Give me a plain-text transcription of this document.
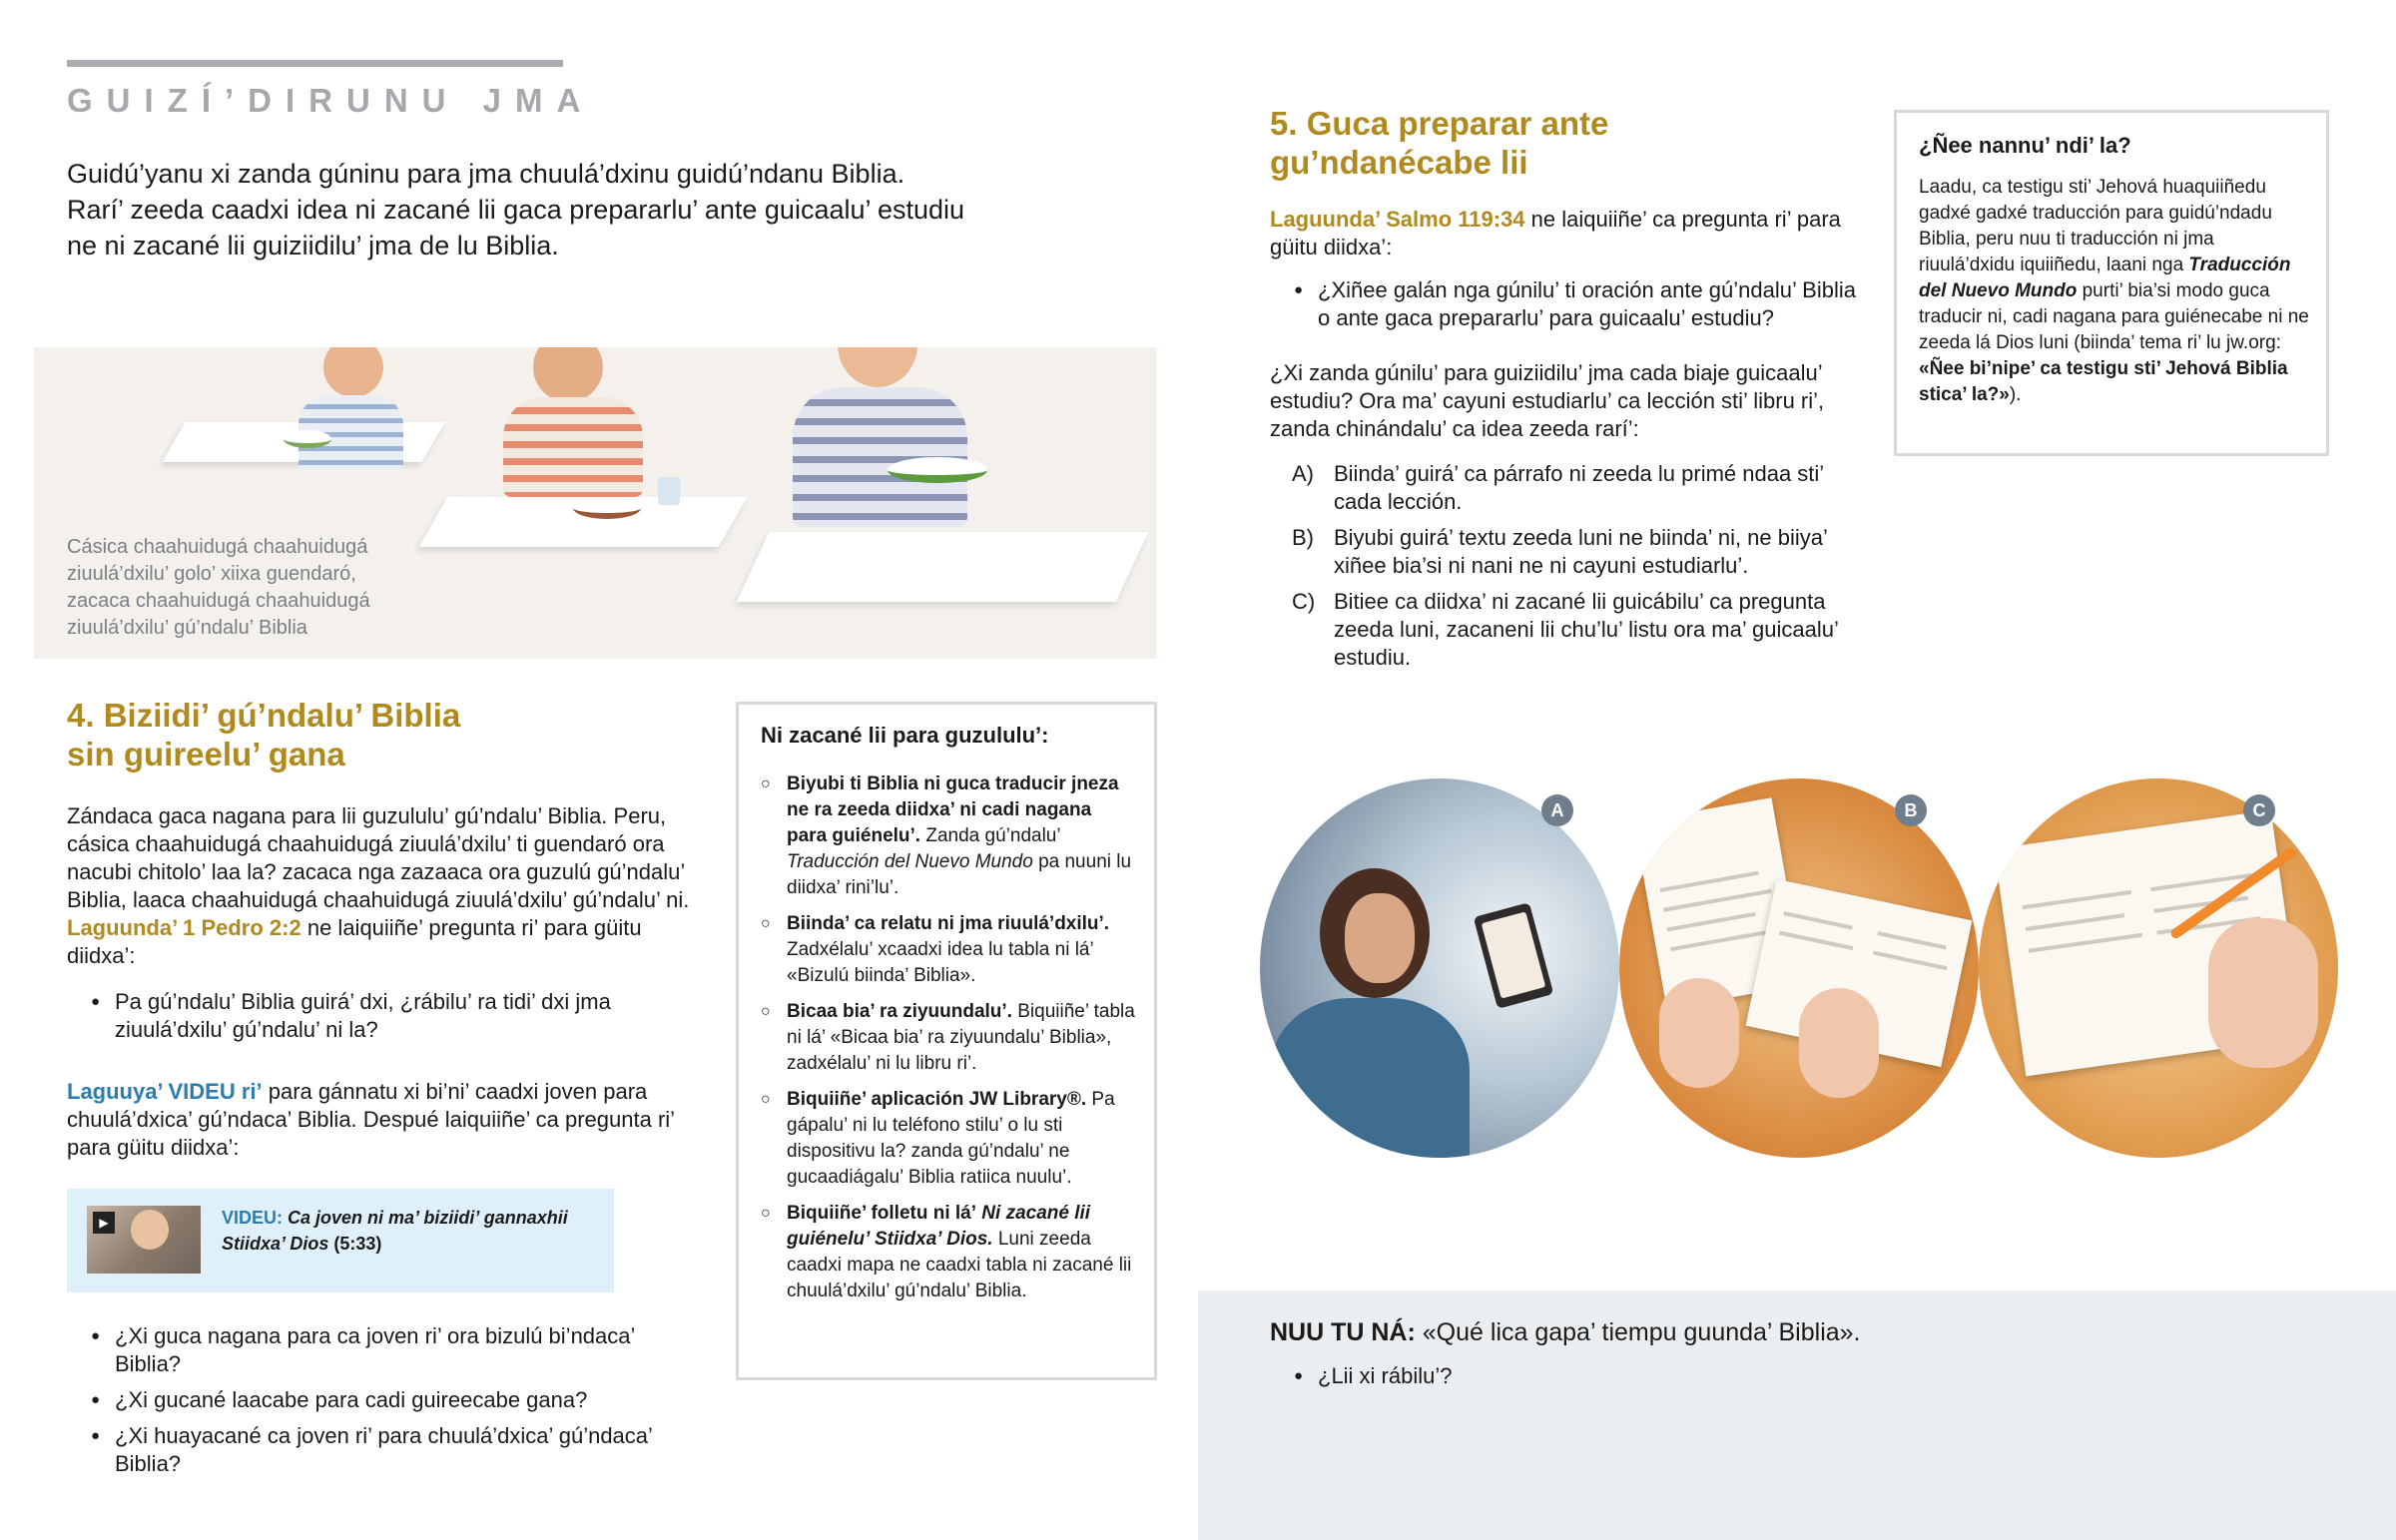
GUIZÍ’DIRUNU JMA
Guidú’yanu xi zanda gúninu para jma chuulá’dxinu guidú’ndanu Biblia. Rarí’ zeeda caadxi idea ni zacané lii gaca prepararlu’ ante guicaalu’ estudiu ne ni zacané lii guiziidilu’ jma de lu Biblia.
Cásica chaahuidugá chaahuidugá ziuulá’dxilu’ golo’ xiixa guendaró, zacaca chaahuidugá chaahuidugá ziuulá’dxilu’ gú’ndalu’ Biblia
4. Biziidi’ gú’ndalu’ Biblia
sin guireelu’ gana
Zándaca gaca nagana para lii guzululu’ gú’ndalu’ Biblia. Peru, cásica chaahuidugá chaahuidugá ziuulá’dxilu’ ti guendaró ora nacubi chitolo’ laa la? zacaca nga zazaaca ora guzulú gú’ndalu’ Biblia, laaca chaahuidugá chaahuidugá ziuulá’dxilu’ gú’ndalu’ ni. Laguunda’ 1 Pedro 2:2 ne laiquiiñe’ pregunta ri’ para güitu diidxa’:
● Pa gú’ndalu’ Biblia guirá’ dxi, ¿rábilu’ ra tidi’ dxi jma ziuulá’dxilu’ gú’ndalu’ ni la?
Laguuya’ VIDEU ri’ para gánnatu xi bi’ni’ caadxi joven para chuulá’dxica’ gú’ndaca’ Biblia. Despué laiquiiñe’ ca pregunta ri’ para güitu diidxa’:
▶	VIDEU: Ca joven ni ma’ biziidi’ gannaxhii Stiidxa’ Dios (5:33)
● ¿Xi guca nagana para ca joven ri’ ora bizulú bi’ndaca’ Biblia?
● ¿Xi gucané laacabe para cadi guireecabe gana?
● ¿Xi huayacané ca joven ri’ para chuulá’dxica’ gú’ndaca’ Biblia?
Ni zacané lii para guzululu’:
○ Biyubi ti Biblia ni guca traducir jneza ne ra zeeda diidxa’ ni cadi nagana para guiénelu’. Zanda gú’ndalu’ Traducción del Nuevo Mundo pa nuuni lu diidxa’ rini’lu’.
○ Biinda’ ca relatu ni jma riuulá’dxilu’. Zadxélalu’ xcaadxi idea lu tabla ni lá’ «Bizulú biinda’ Biblia».
○ Bicaa bia’ ra ziyuundalu’. Biquiiñe’ tabla ni lá’ «Bicaa bia’ ra ziyuundalu’ Biblia», zadxélalu’ ni lu libru ri’.
○ Biquiiñe’ aplicación JW Library®. Pa gápalu’ ni lu teléfono stilu’ o lu sti dispositivu la? zanda gú’ndalu’ ne gucaadiágalu’ Biblia ratiica nuulu’.
○ Biquiiñe’ folletu ni lá’ Ni zacané lii guiénelu’ Stiidxa’ Dios. Luni zeeda caadxi mapa ne caadxi tabla ni zacané lii chuulá’dxilu’ gú’ndalu’ Biblia.
5. Guca preparar ante
gu’ndanécabe lii
Laguunda’ Salmo 119:34 ne laiquiiñe’ ca pregunta ri’ para güitu diidxa’:
● ¿Xiñee galán nga gúnilu’ ti oración ante gú’ndalu’ Biblia o ante gaca prepararlu’ para guicaalu’ estudiu?
¿Xi zanda gúnilu’ para guiziidilu’ jma cada biaje guicaalu’ estudiu? Ora ma’ cayuni estudiarlu’ ca lección sti’ libru ri’, zanda chinándalu’ ca idea zeeda rarí’:
A) Biinda’ guirá’ ca párrafo ni zeeda lu primé ndaa sti’ cada lección.
B) Biyubi guirá’ textu zeeda luni ne biinda’ ni, ne biiya’ xiñee bia’si ni nani ne ni cayuni estudiarlu’.
C) Bitiee ca diidxa’ ni zacané lii guicábilu’ ca pregunta zeeda luni, zacaneni lii chu’lu’ listu ora ma’ guicaalu’ estudiu.
¿Ñee nannu’ ndi’ la?
Laadu, ca testigu sti’ Jehová huaquiiñedu gadxé gadxé traducción para guidú’ndadu Biblia, peru nuu ti traducción ni jma riuulá’dxidu iquiiñedu, laani nga Traducción del Nuevo Mundo purti’ bia’si modo guca traducir ni, cadi nagana para guiénecabe ni ne zeeda lá Dios luni (biinda’ tema ri’ lu jw.org: «Ñee bi’nipe’ ca testigu sti’ Jehová Biblia stica’ la?»).
A	B	C
NUU TU NÁ: «Qué lica gapa’ tiempu guunda’ Biblia».
● ¿Lii xi rábilu’?
